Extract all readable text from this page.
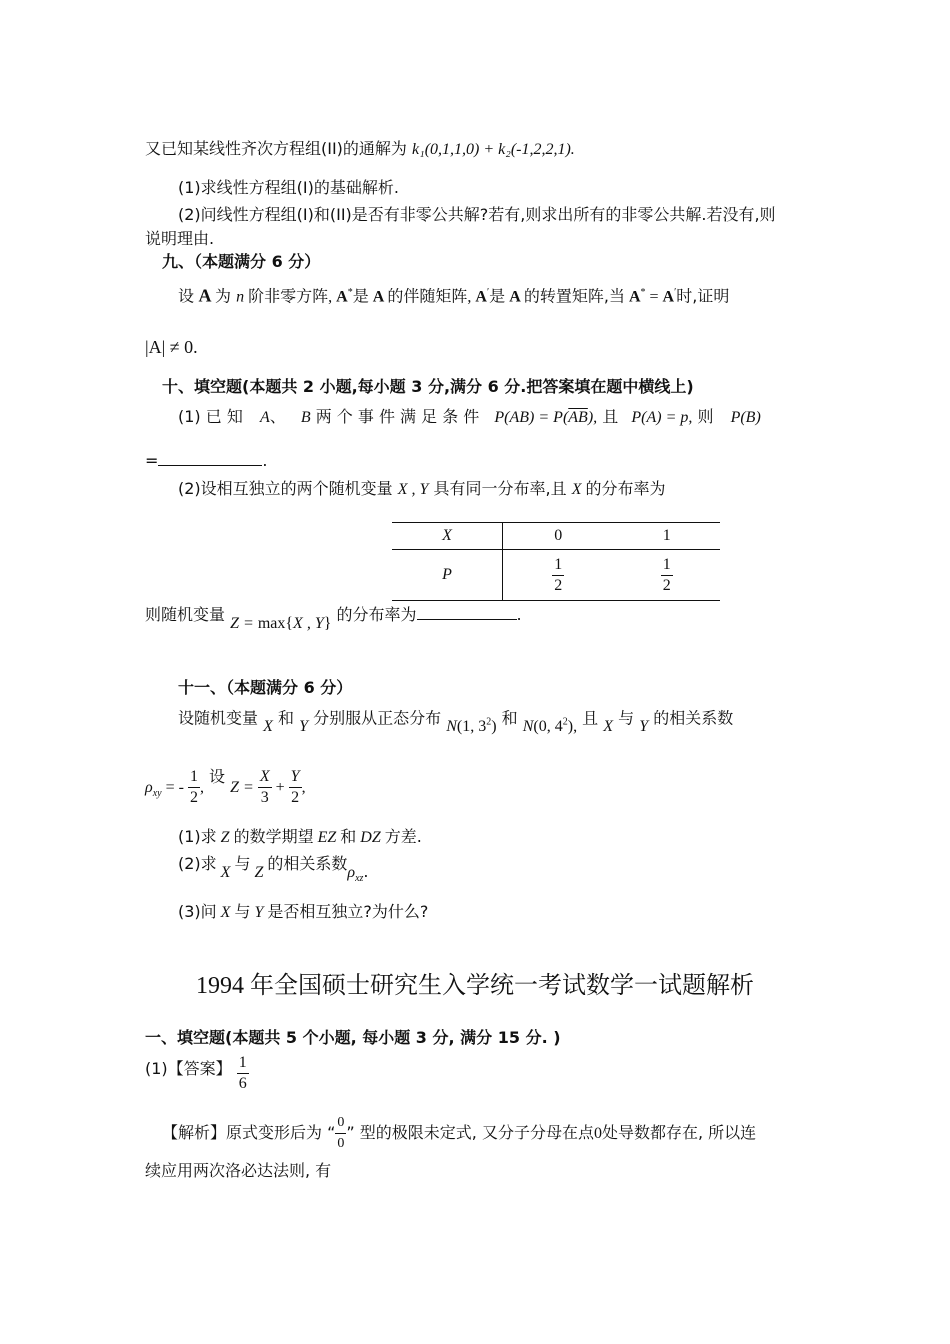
又已知某线性齐次方程组(II)的通解为 k₁(0,1,1,0) + k₂(-1,2,2,1).
(1)求线性方程组(I)的基础解析.
(2)问线性方程组(I)和(II)是否有非零公共解?若有,则求出所有的非零公共解.若没有,则
说明理由.
九、（本题满分 6 分）
设 A 为 n 阶非零方阵, A*是 A 的伴随矩阵, A′是 A 的转置矩阵,当 A* = A′时,证明
|A| ≠ 0.
十、填空题(本题共 2 小题,每小题 3 分,满分 6 分.把答案填在题中横线上)
(1) 已 知 A、 B 两 个 事 件 满 足 条 件 $P(AB) = P(\overline{AB})$, 且 P(A) = p, 则 P(B)
=	.
(2)设相互独立的两个随机变量 X , Y 具有同一分布率,且 X 的分布率为
X	0	1
P	$\frac{1}{2}$	$\frac{1}{2}$
则随机变量 Z = max{X , Y} 的分布率为	.
十一、（本题满分 6 分）
设随机变量 X 和 Y 分别服从正态分布 N(1, $3^2$) 和 N(0, $4^2$), 且 X 与 Y 的相关系数
$\rho_{xy}$ = - $\frac{1}{2}$ , 设 $Z = \frac{X}{3} + \frac{Y}{2}$ ,
(1)求 Z 的数学期望 EZ 和 DZ 方差.
(2)求 X 与 Z 的相关系数$\rho_{xz}$.
(3)问 X 与 Y 是否相互独立?为什么?
1994 年全国硕士研究生入学统一考试数学一试题解析
一、填空题(本题共 5 个小题, 每小题 3 分, 满分 15 分. )
(1)【答案】 $\frac{1}{6}$
【解析】原式变形后为 “ $\frac{0}{0}$ ” 型的极限未定式, 又分子分母在点0处导数都存在, 所以连
续应用两次洛必达法则, 有
